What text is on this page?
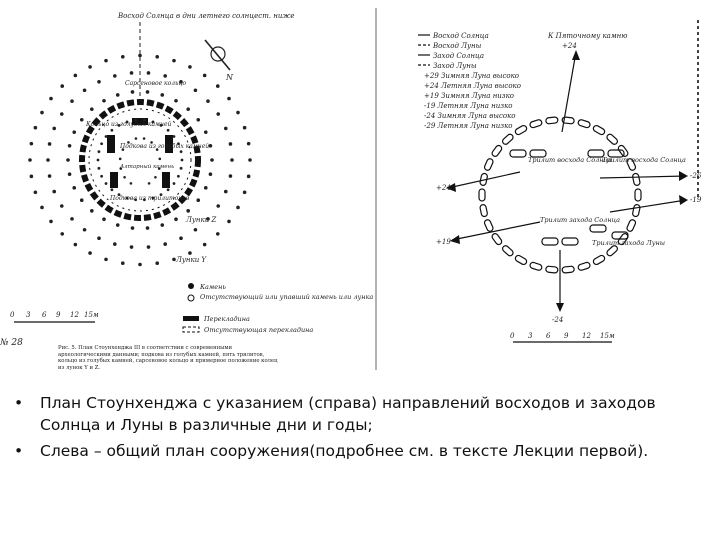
Восход Солнца в дни летнего солнцест. ниже
N
Сарсеновое кольцо
Кольцо из голубых камней
Подкова из голубых камней
Подкова из трилитонов
Алтарный камень
Лунки Z
Лунки Y
Камень
Отсутствующий или упавший камень или лунка
Перекладина
Отсутствующая перекладина
0 3 6 9 12 15м
№ 28	Рис. 5. План Стоунхенджа III в соответствии с современными археологическими данными; подкова из голубых камней, пять трилитов, кольцо из голубых камней, сарсеновое кольцо и примерное положение колец из лунок Y и Z.
Восход Солнца
Восход Луны
Заход Солнца
Заход Луны
+29 Зимняя Луна высоко
+24 Летняя Луна высоко
+19 Зимняя Луна низко
-19 Летняя Луна низко
-24 Зимняя Луна высоко
-29 Летняя Луна низко
К Пяточному камню
+24
Трилит восхода Солнца
Трилит восхода Солнца
Трилит захода Солнца
Трилит захода Луны
+24
+19
-26
-19
-24
0 3 6 9 12 15м
• План Стоунхенджа с указанием (справа) направлений восходов и заходов Солнца и Луны в различные дни и годы;
• Слева – общий план сооружения(подробнее см. в тексте Лекции первой).
